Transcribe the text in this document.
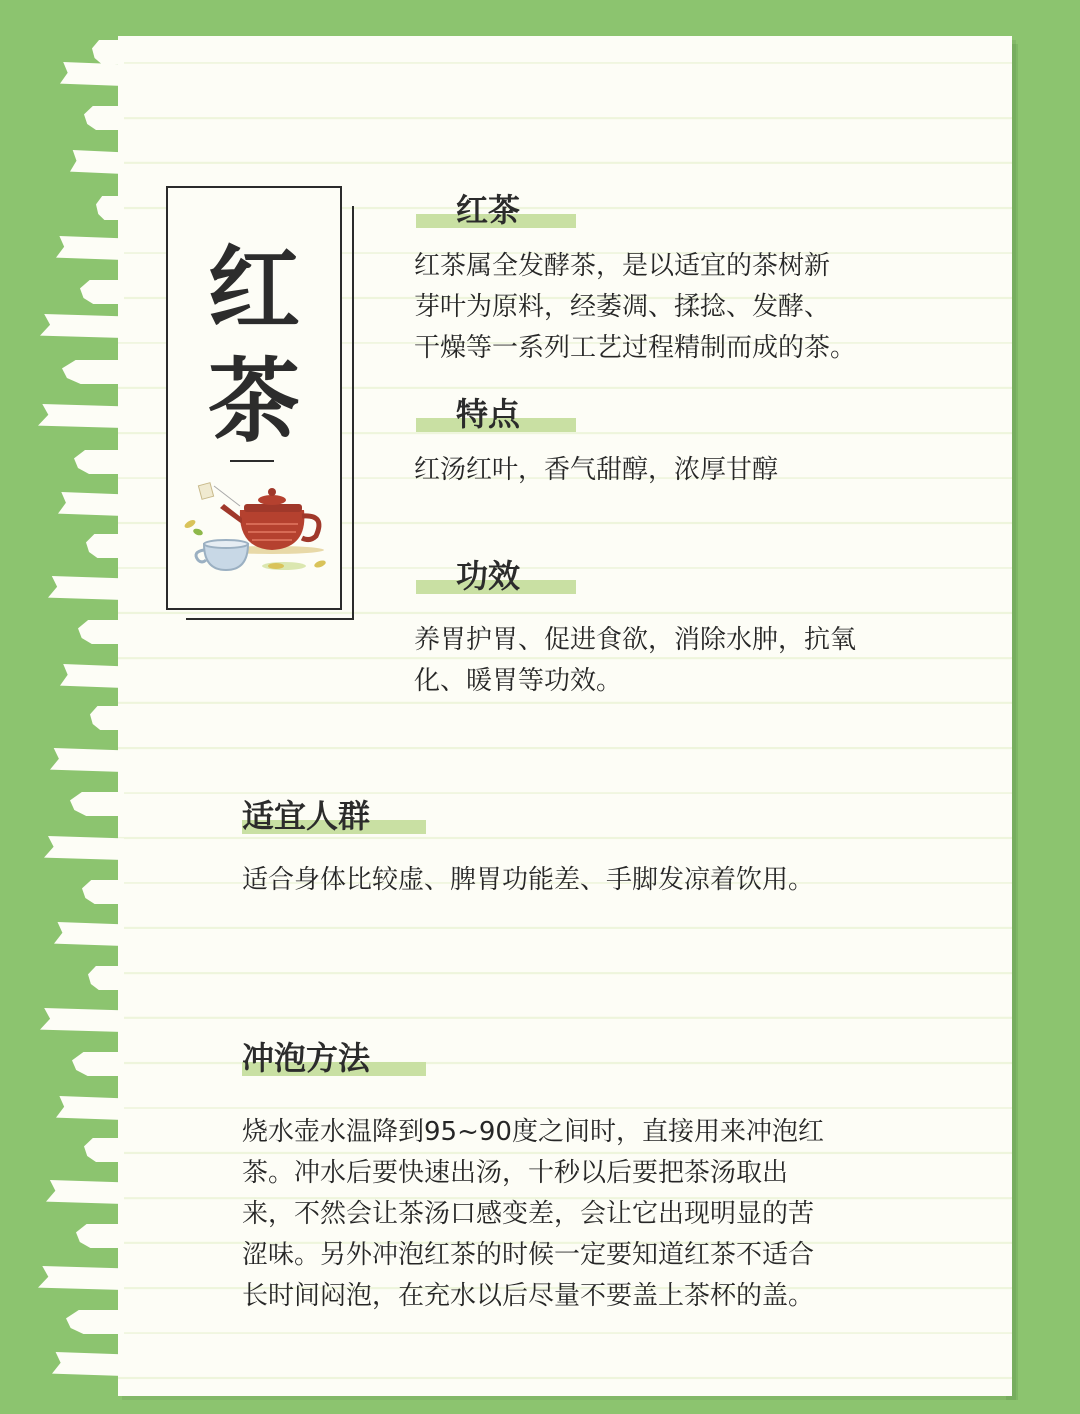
红
茶
红茶
红茶属全发酵茶，是以适宜的茶树新
芽叶为原料，经萎凋、揉捻、发酵、
干燥等一系列工艺过程精制而成的茶。
特点
红汤红叶，香气甜醇，浓厚甘醇
功效
养胃护胃、促进食欲，消除水肿，抗氧
化、暖胃等功效。
适宜人群
适合身体比较虚、脾胃功能差、手脚发凉着饮用。
冲泡方法
烧水壶水温降到95~90度之间时，直接用来冲泡红
茶。冲水后要快速出汤，十秒以后要把茶汤取出
来，不然会让茶汤口感变差，会让它出现明显的苦
涩味。另外冲泡红茶的时候一定要知道红茶不适合
长时间闷泡，在充水以后尽量不要盖上茶杯的盖。
